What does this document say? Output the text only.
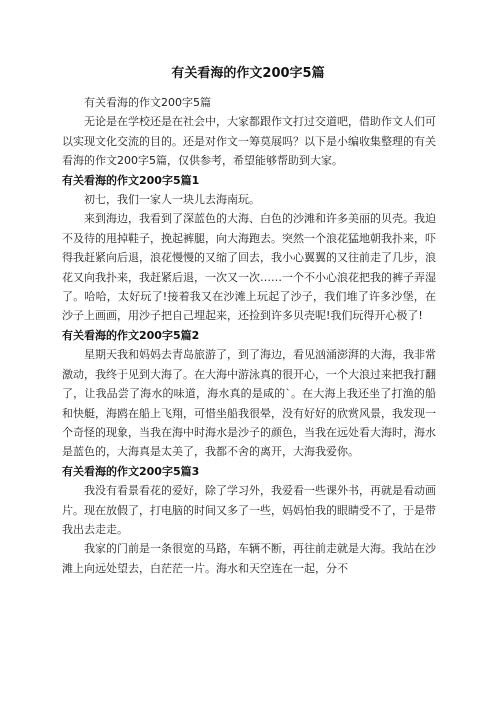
有关看海的作文200字5篇

有关看海的作文200字5篇

无论是在学校还是在社会中，大家都跟作文打过交道吧，借助作文人们可以实现文化交流的目的。还是对作文一筹莫展吗？以下是小编收集整理的有关看海的作文200字5篇，仅供参考，希望能够帮助到大家。

有关看海的作文200字5篇1

初七，我们一家人一块儿去海南玩。

来到海边，我看到了深蓝色的大海、白色的沙滩和许多美丽的贝壳。我迫不及待的甩掉鞋子，挽起裤腿，向大海跑去。突然一个浪花猛地朝我扑来，吓得我赶紧向后退，浪花慢慢的又缩了回去，我小心翼翼的又往前走了几步，浪花又向我扑来，我赶紧后退，一次又一次……一个不小心浪花把我的裤子弄湿了。哈哈，太好玩了!接着我又在沙滩上玩起了沙子，我们堆了许多沙堡，在沙子上画画，用沙子把自己埋起来，还捡到许多贝壳呢!我们玩得开心极了!

有关看海的作文200字5篇2

星期天我和妈妈去青岛旅游了，到了海边，看见汹涌澎湃的大海，我非常激动，我终于见到大海了。在大海中游泳真的很开心，一个大浪过来把我打翻了，让我品尝了海水的味道，海水真的是咸的`。在大海上我还坐了打渔的船和快艇，海鸥在船上飞翔，可惜坐船我很晕，没有好好的欣赏风景，我发现一个奇怪的现象，当我在海中时海水是沙子的颜色，当我在远处看大海时，海水是蓝色的，大海真是太美了，我都不舍的离开，大海我爱你。

有关看海的作文200字5篇3

我没有看景看花的爱好，除了学习外，我爱看一些课外书，再就是看动画片。现在放假了，打电脑的时间又多了一些，妈妈怕我的眼睛受不了，于是带我出去走走。

我家的门前是一条很宽的马路，车辆不断，再往前走就是大海。我站在沙滩上向远处望去，白茫茫一片。海水和天空连在一起，分不
